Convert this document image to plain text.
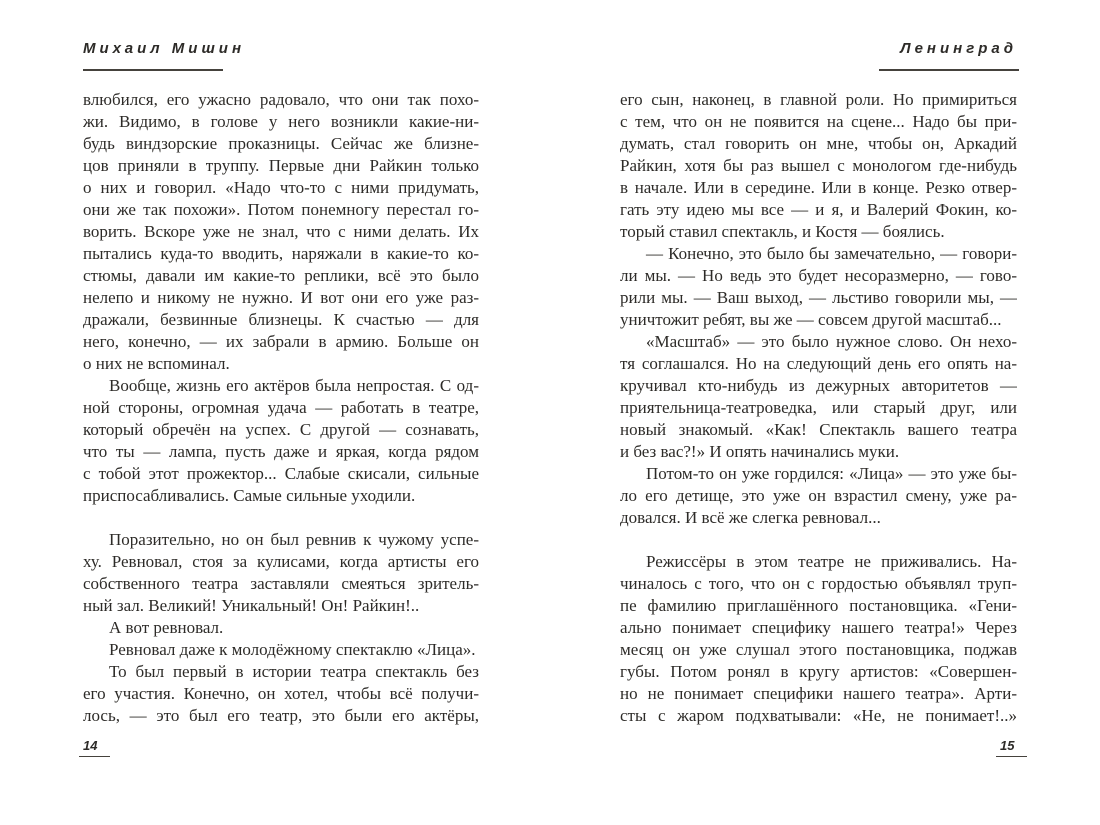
Михаил Мишин
влюбился, его ужасно радовало, что они так похо-
жи. Видимо, в голове у него возникли какие-ни-
будь виндзорские проказницы. Сейчас же близне-
цов приняли в труппу. Первые дни Райкин только
о них и говорил. «Надо что-то с ними придумать,
они же так похожи». Потом понемногу перестал го-
ворить. Вскоре уже не знал, что с ними делать. Их
пытались куда-то вводить, наряжали в какие-то ко-
стюмы, давали им какие-то реплики, всё это было
нелепо и никому не нужно. И вот они его уже раз-
дражали, безвинные близнецы. К счастью — для
него, конечно, — их забрали в армию. Больше он
о них не вспоминал.
Вообще, жизнь его актёров была непростая. С од-
ной стороны, огромная удача — работать в театре,
который обречён на успех. С другой — сознавать,
что ты — лампа, пусть даже и яркая, когда рядом
с тобой этот прожектор... Слабые скисали, сильные
приспосабливались. Самые сильные уходили.
Поразительно, но он был ревнив к чужому успе-
ху. Ревновал, стоя за кулисами, когда артисты его
собственного театра заставляли смеяться зритель-
ный зал. Великий! Уникальный! Он! Райкин!..
А вот ревновал.
Ревновал даже к молодёжному спектаклю «Лица».
То был первый в истории театра спектакль без
его участия. Конечно, он хотел, чтобы всё получи-
лось, — это был его театр, это были его актёры,
Ленинград
его сын, наконец, в главной роли. Но примириться
с тем, что он не появится на сцене... Надо бы при-
думать, стал говорить он мне, чтобы он, Аркадий
Райкин, хотя бы раз вышел с монологом где-нибудь
в начале. Или в середине. Или в конце. Резко отвер-
гать эту идею мы все — и я, и Валерий Фокин, ко-
торый ставил спектакль, и Костя — боялись.
— Конечно, это было бы замечательно, — говори-
ли мы. — Но ведь это будет несоразмерно, — гово-
рили мы. — Ваш выход, — льстиво говорили мы, —
уничтожит ребят, вы же — совсем другой масштаб...
«Масштаб» — это было нужное слово. Он нехо-
тя соглашался. Но на следующий день его опять на-
кручивал кто-нибудь из дежурных авторитетов —
приятельница-театроведка, или старый друг, или
новый знакомый. «Как! Спектакль вашего театра
и без вас?!» И опять начинались муки.
Потом-то он уже гордился: «Лица» — это уже бы-
ло его детище, это уже он взрастил смену, уже ра-
довался. И всё же слегка ревновал...
Режиссёры в этом театре не приживались. На-
чиналось с того, что он с гордостью объявлял труп-
пе фамилию приглашённого постановщика. «Гени-
ально понимает специфику нашего театра!» Через
месяц он уже слушал этого постановщика, поджав
губы. Потом ронял в кругу артистов: «Совершен-
но не понимает специфики нашего театра». Арти-
сты с жаром подхватывали: «Не, не понимает!..»
14	15
